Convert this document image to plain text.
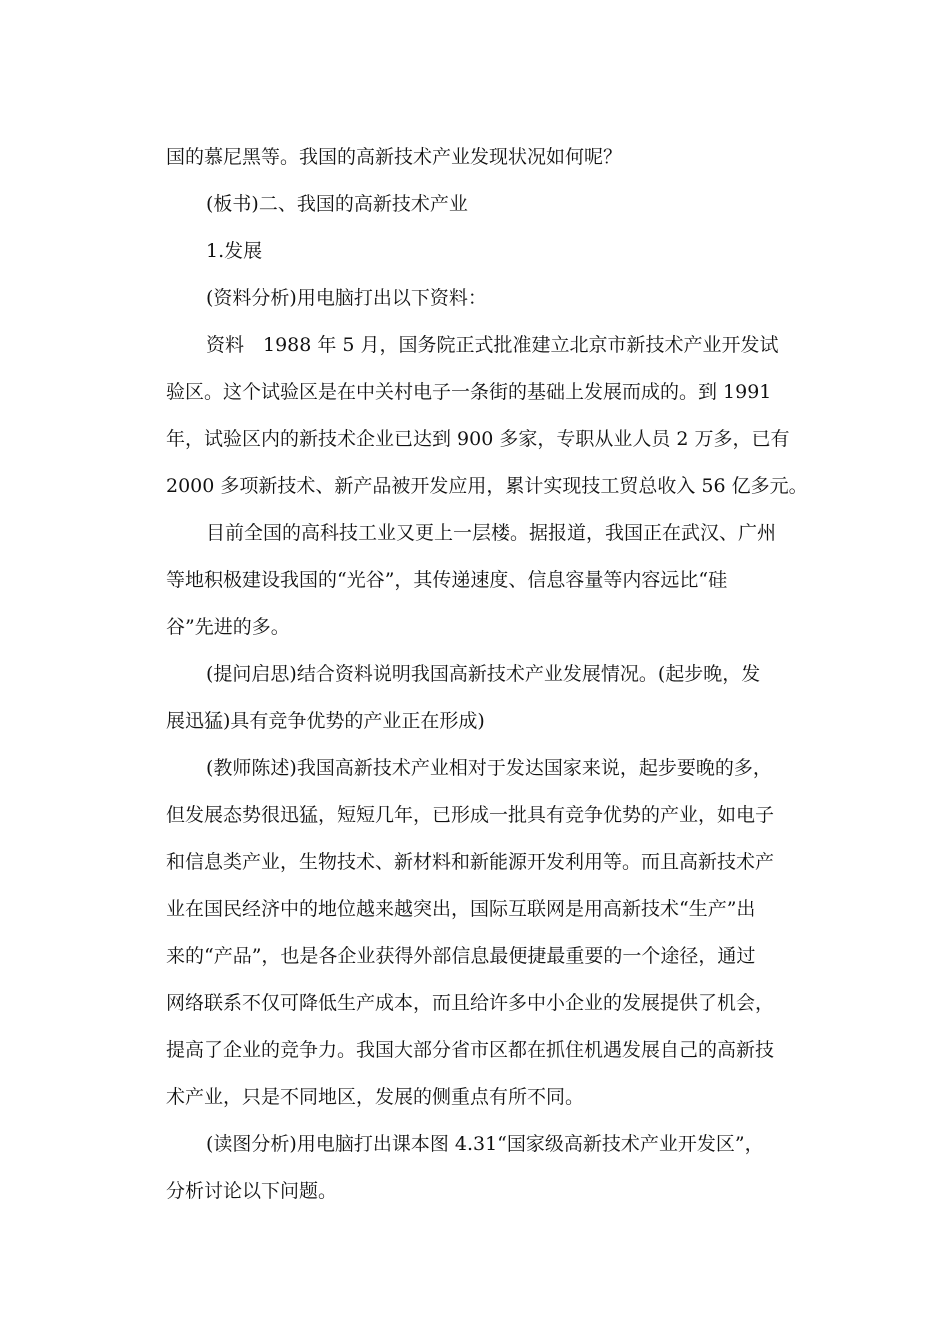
国的慕尼黑等。我国的高新技术产业发现状况如何呢？

(板书)二、我国的高新技术产业

1.发展

(资料分析)用电脑打出以下资料：

资料　1988 年 5 月，国务院正式批准建立北京市新技术产业开发试

验区。这个试验区是在中关村电子一条街的基础上发展而成的。到 1991

年，试验区内的新技术企业已达到 900 多家，专职从业人员 2 万多，已有

2000 多项新技术、新产品被开发应用，累计实现技工贸总收入 56 亿多元。

目前全国的高科技工业又更上一层楼。据报道，我国正在武汉、广州

等地积极建设我国的“光谷”，其传递速度、信息容量等内容远比“硅

谷”先进的多。

(提问启思)结合资料说明我国高新技术产业发展情况。(起步晚，发

展迅猛)具有竞争优势的产业正在形成)

(教师陈述)我国高新技术产业相对于发达国家来说，起步要晚的多，

但发展态势很迅猛，短短几年，已形成一批具有竞争优势的产业，如电子

和信息类产业，生物技术、新材料和新能源开发利用等。而且高新技术产

业在国民经济中的地位越来越突出，国际互联网是用高新技术“生产”出

来的“产品”，也是各企业获得外部信息最便捷最重要的一个途径，通过

网络联系不仅可降低生产成本，而且给许多中小企业的发展提供了机会，

提高了企业的竞争力。我国大部分省市区都在抓住机遇发展自己的高新技

术产业，只是不同地区，发展的侧重点有所不同。

(读图分析)用电脑打出课本图 4.31“国家级高新技术产业开发区”，

分析讨论以下问题。
